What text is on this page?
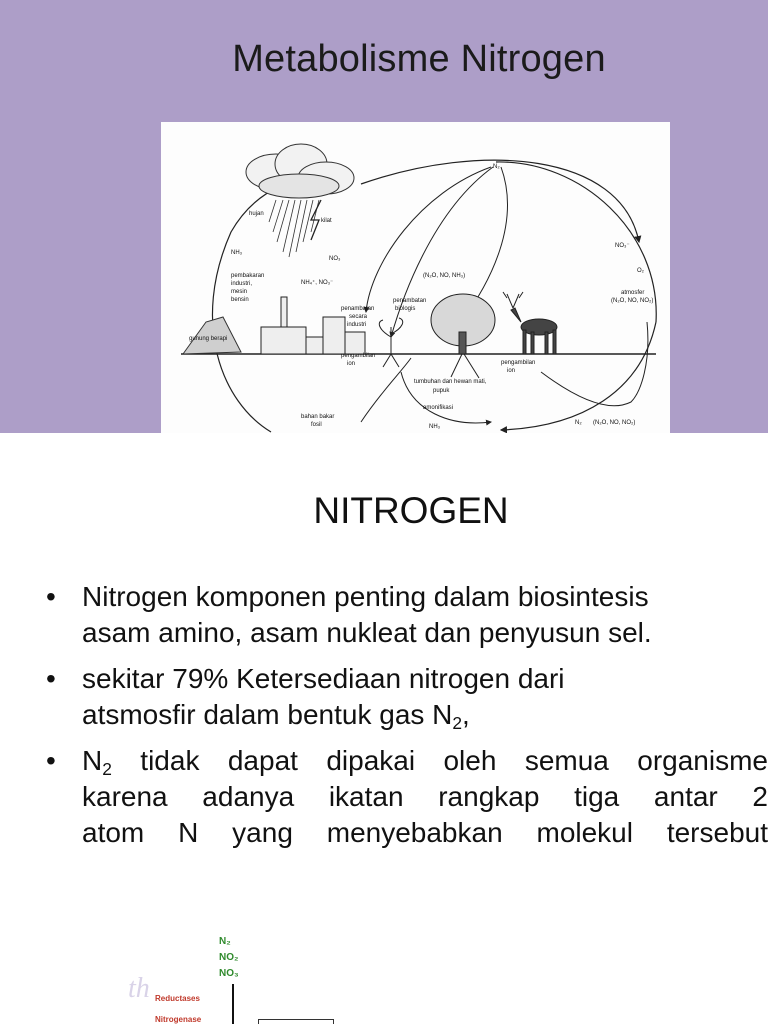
Metabolisme Nitrogen
N₂
hujan
kilat
NH₃
NO₃
NH₄⁺, NO₃⁻
pembakaran
industri,
mesin
bensin
gunung berapi
penambatan
secara
industri
penambatan
biologis
(N₂O, NO, NH₃)
NO₃⁻
O₂
atmosfer
(N₂O, NO, NO₂)
pengambilan
ion	pengambilan
ion
tumbuhan dan hewan mati,
pupuk
amonifikasi
bahan bakar
fosil	NH₃
N₂ (N₂O, NO, NO₂)
NITROGEN
• Nitrogen komponen penting dalam biosintesis
asam amino, asam nukleat dan penyusun sel.
• sekitar 79% Ketersediaan nitrogen dari
atsmosfir dalam bentuk gas $N_2$,
• $N_2$ tidak dapat dipakai oleh semua organisme
karena adanya ikatan rangkap tiga antar 2
atom N yang menyebabkan molekul tersebut
th
N₂
NO₂
NO₃
Reductases
Nitrogenase
